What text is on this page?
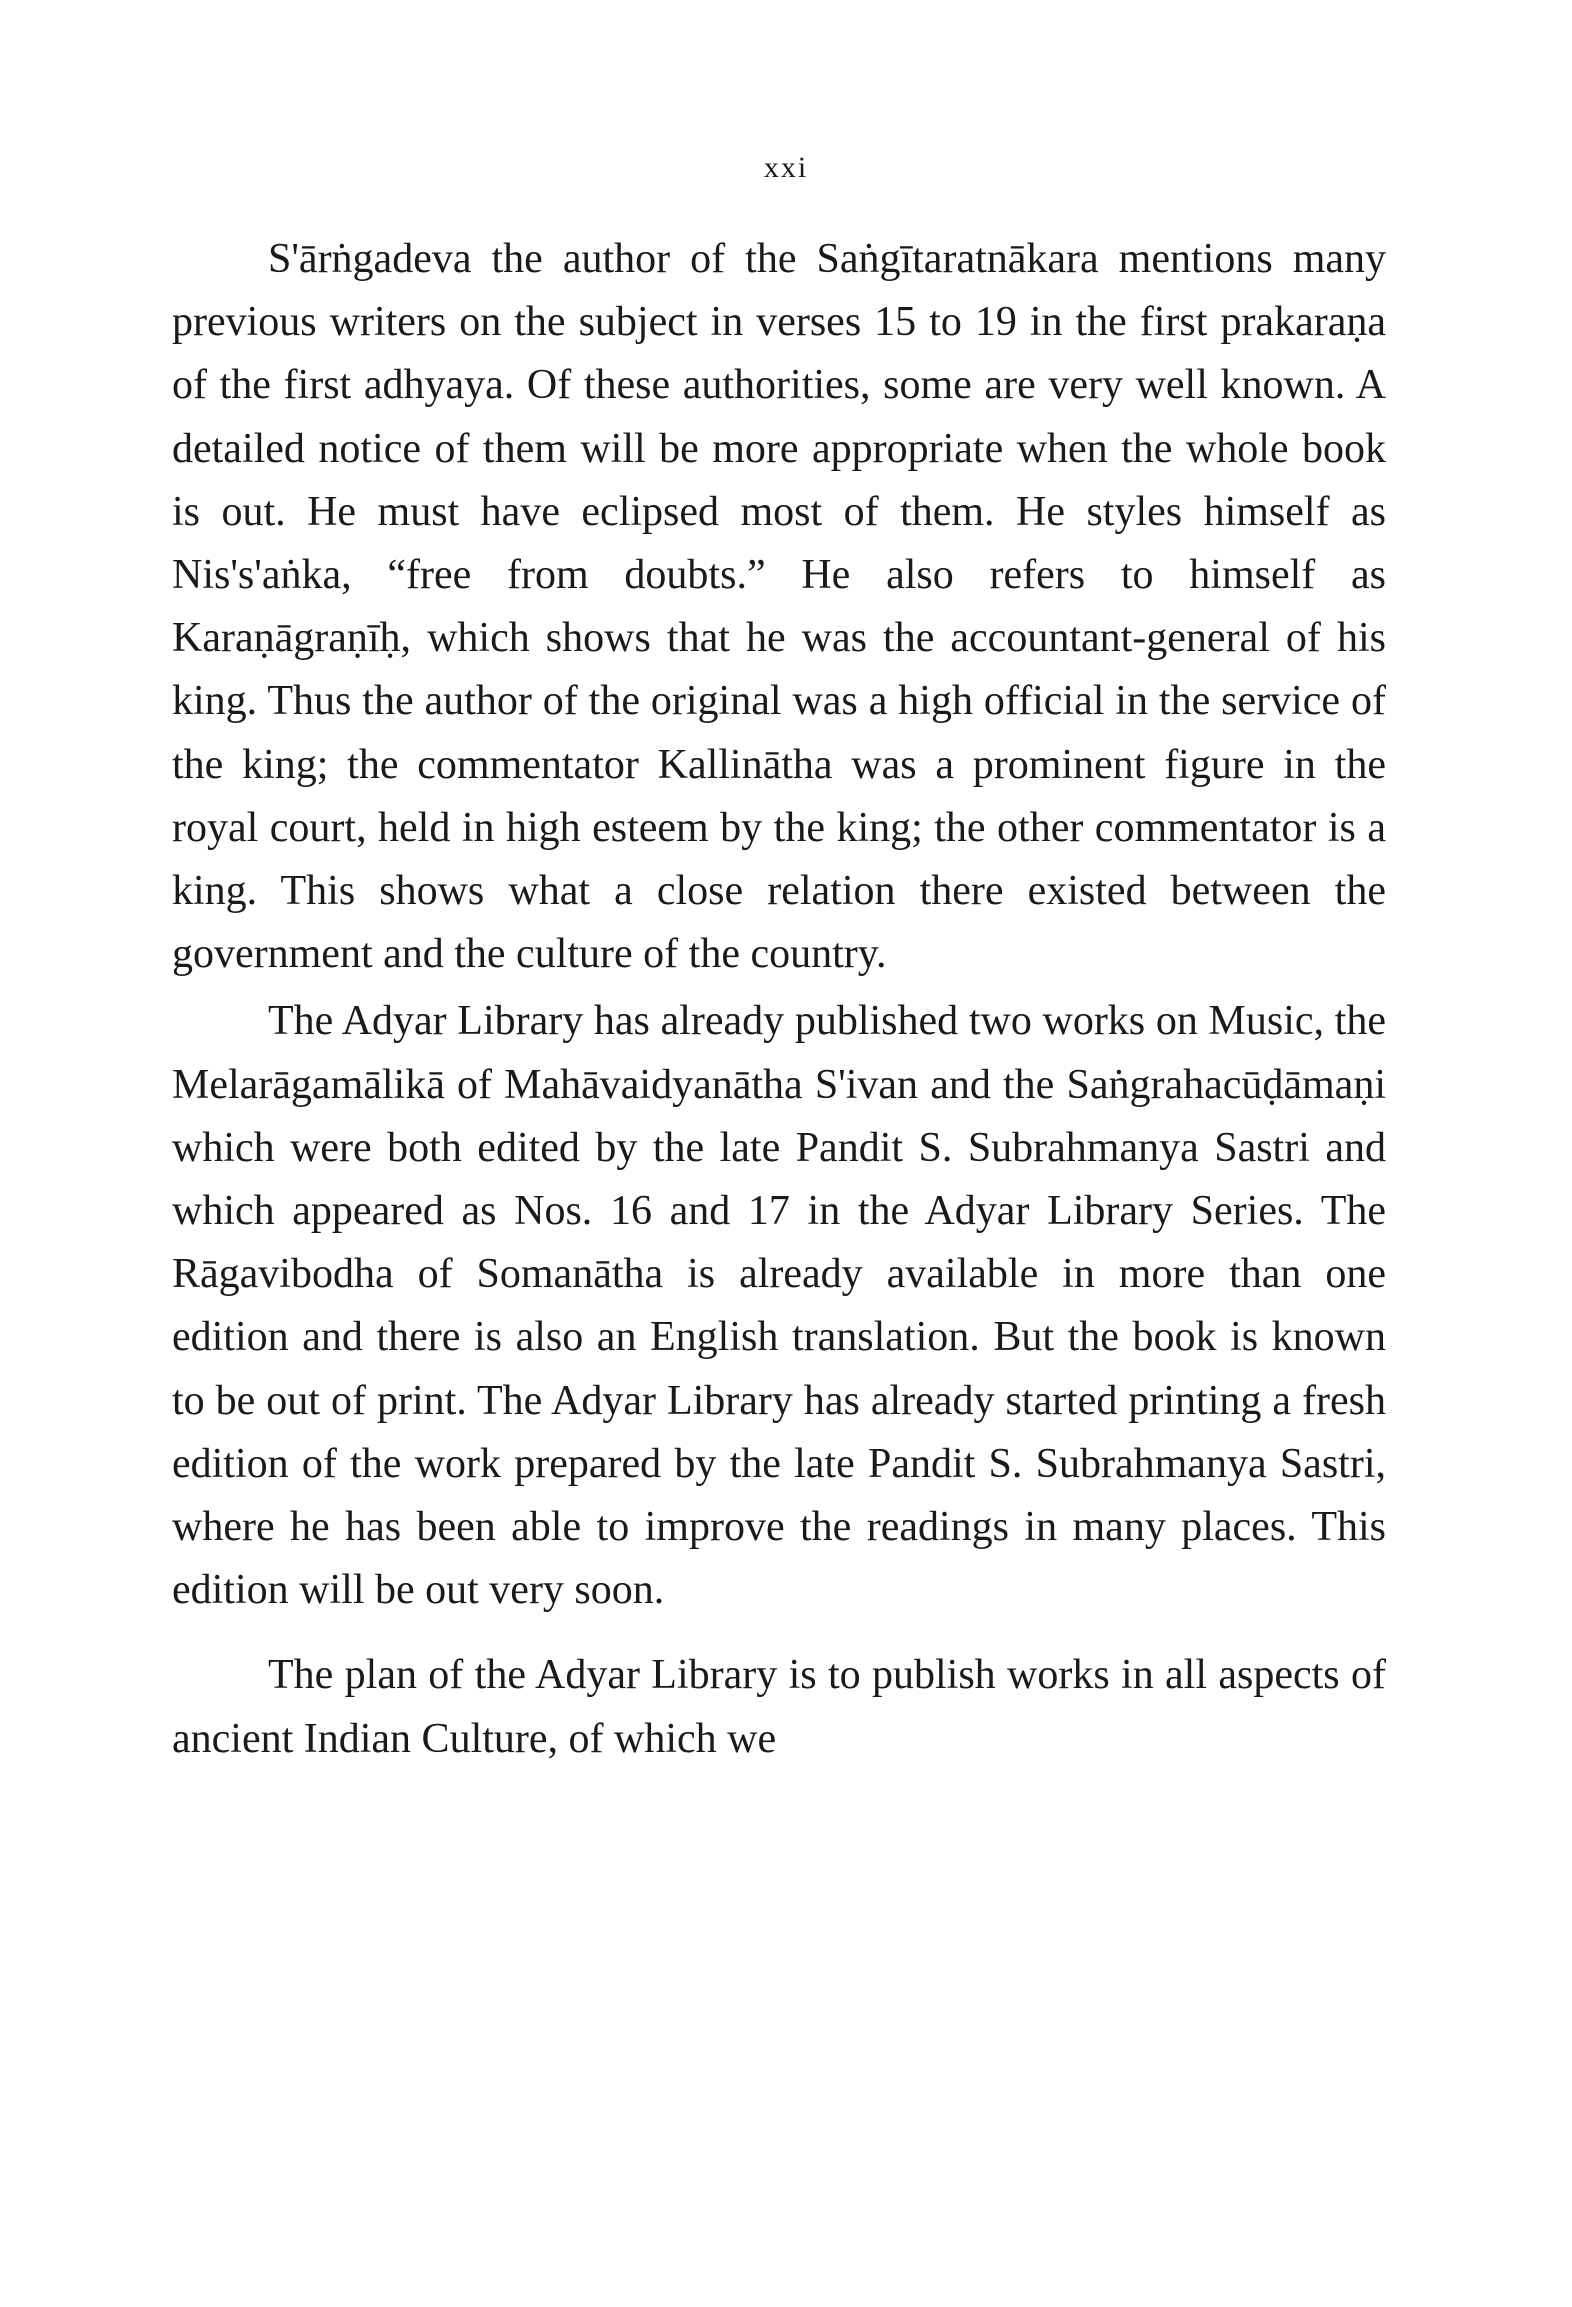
xxi

S'ārṅgadeva the author of the Saṅgītaratnākara mentions many previous writers on the subject in verses 15 to 19 in the first prakaraṇa of the first adhyaya. Of these authorities, some are very well known. A detailed notice of them will be more appropriate when the whole book is out. He must have eclipsed most of them. He styles himself as Nis's'aṅka, “free from doubts.” He also refers to himself as Karaṇāgraṇīḥ, which shows that he was the accountant-general of his king. Thus the author of the original was a high official in the service of the king; the commentator Kallinātha was a prominent figure in the royal court, held in high esteem by the king; the other commentator is a king. This shows what a close relation there existed between the government and the culture of the country.

The Adyar Library has already published two works on Music, the Melarāgamālikā of Mahāvaidyanātha S'ivan and the Saṅgrahacūḍāmaṇi which were both edited by the late Pandit S. Subrahmanya Sastri and which appeared as Nos. 16 and 17 in the Adyar Library Series. The Rāgavibodha of Somanātha is already available in more than one edition and there is also an English translation. But the book is known to be out of print. The Adyar Library has already started printing a fresh edition of the work prepared by the late Pandit S. Subrahmanya Sastri, where he has been able to improve the readings in many places. This edition will be out very soon.

The plan of the Adyar Library is to publish works in all aspects of ancient Indian Culture, of which we
